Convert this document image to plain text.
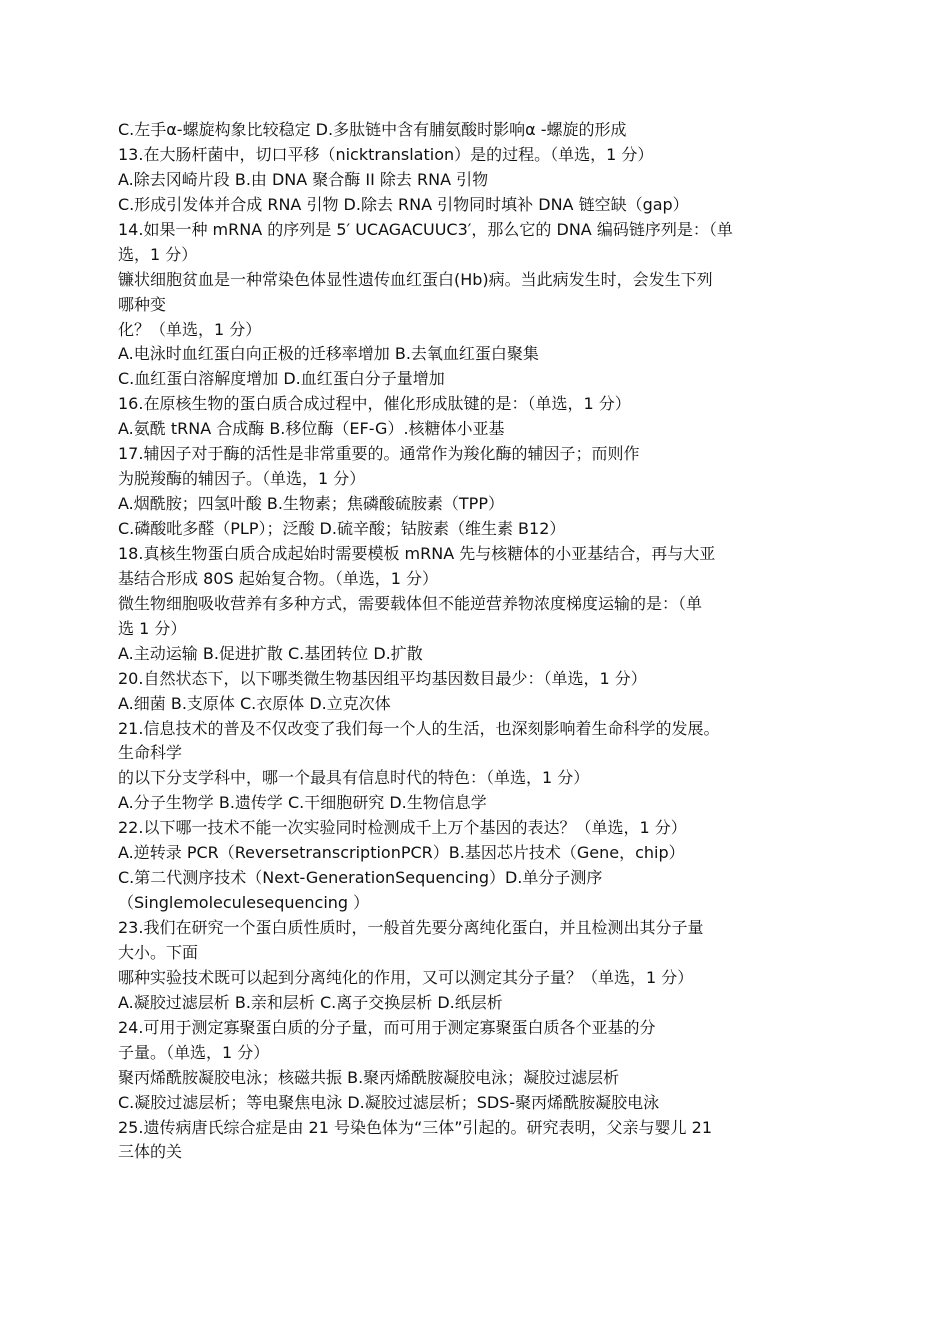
C.左手α-螺旋构象比较稳定 D.多肽链中含有脯氨酸时影响α -螺旋的形成
13.在大肠杆菌中，切口平移（nicktranslation）是的过程。（单选，1 分）
A.除去冈崎片段 B.由 DNA 聚合酶 II 除去 RNA 引物
C.形成引发体并合成 RNA 引物 D.除去 RNA 引物同时填补 DNA 链空缺（gap）
14.如果一种 mRNA 的序列是 5′ UCAGACUUC3′，那么它的 DNA 编码链序列是：（单
选，1 分）
镰状细胞贫血是一种常染色体显性遗传血红蛋白(Hb)病。当此病发生时，会发生下列
哪种变
化？（单选，1 分）
A.电泳时血红蛋白向正极的迁移率增加 B.去氧血红蛋白聚集
C.血红蛋白溶解度增加 D.血红蛋白分子量增加
16.在原核生物的蛋白质合成过程中，催化形成肽键的是：（单选，1 分）
A.氨酰 tRNA 合成酶 B.移位酶（EF-G）.核糖体小亚基
17.辅因子对于酶的活性是非常重要的。通常作为羧化酶的辅因子；而则作
为脱羧酶的辅因子。（单选，1 分）
A.烟酰胺；四氢叶酸 B.生物素；焦磷酸硫胺素（TPP）
C.磷酸吡多醛（PLP）；泛酸 D.硫辛酸；钴胺素（维生素 B12）
18.真核生物蛋白质合成起始时需要模板 mRNA 先与核糖体的小亚基结合，再与大亚
基结合形成 80S 起始复合物。（单选，1 分）
微生物细胞吸收营养有多种方式，需要载体但不能逆营养物浓度梯度运输的是：（单
选 1 分）
A.主动运输 B.促进扩散 C.基团转位 D.扩散
20.自然状态下，以下哪类微生物基因组平均基因数目最少：（单选，1 分）
A.细菌 B.支原体 C.衣原体 D.立克次体
21.信息技术的普及不仅改变了我们每一个人的生活，也深刻影响着生命科学的发展。
生命科学
的以下分支学科中，哪一个最具有信息时代的特色：（单选，1 分）
A.分子生物学 B.遗传学 C.干细胞研究 D.生物信息学
22.以下哪一技术不能一次实验同时检测成千上万个基因的表达？（单选，1 分）
A.逆转录 PCR（ReversetranscriptionPCR）B.基因芯片技术（Gene，chip）
C.第二代测序技术（Next-GenerationSequencing）D.单分子测序
（Singlemoleculesequencing ）
23.我们在研究一个蛋白质性质时，一般首先要分离纯化蛋白，并且检测出其分子量
大小。下面
哪种实验技术既可以起到分离纯化的作用，又可以测定其分子量？（单选，1 分）
A.凝胶过滤层析 B.亲和层析 C.离子交换层析 D.纸层析
24.可用于测定寡聚蛋白质的分子量，而可用于测定寡聚蛋白质各个亚基的分
子量。（单选，1 分）
聚丙烯酰胺凝胶电泳；核磁共振 B.聚丙烯酰胺凝胶电泳；凝胶过滤层析
C.凝胶过滤层析；等电聚焦电泳 D.凝胶过滤层析；SDS-聚丙烯酰胺凝胶电泳
25.遗传病唐氏综合症是由 21 号染色体为“三体”引起的。研究表明，父亲与婴儿 21
三体的关
